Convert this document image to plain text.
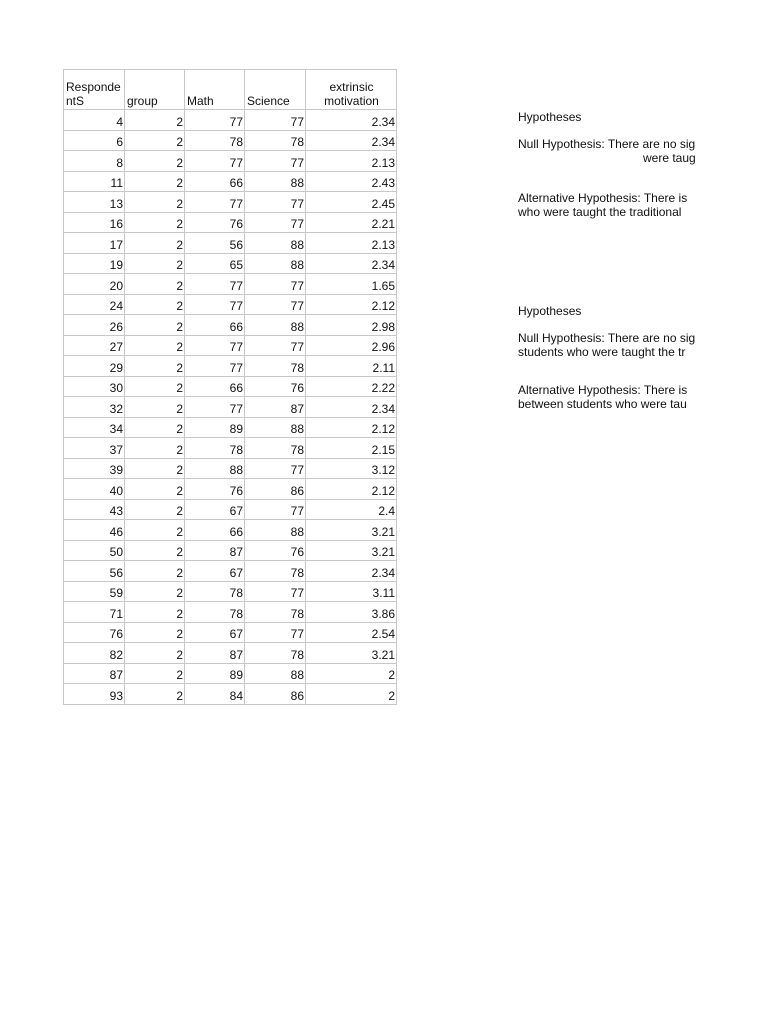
Responde
ntS	group	Math	Science	extrinsic
motivation

4	2	77	77	2.34
6	2	78	78	2.34
8	2	77	77	2.13
11	2	66	88	2.43
13	2	77	77	2.45
16	2	76	77	2.21
17	2	56	88	2.13
19	2	65	88	2.34
20	2	77	77	1.65
24	2	77	77	2.12
26	2	66	88	2.98
27	2	77	77	2.96
29	2	77	78	2.11
30	2	66	76	2.22
32	2	77	87	2.34
34	2	89	88	2.12
37	2	78	78	2.15
39	2	88	77	3.12
40	2	76	86	2.12
43	2	67	77	2.4
46	2	66	88	3.21
50	2	87	76	3.21
56	2	67	78	2.34
59	2	78	77	3.11
71	2	78	78	3.86
76	2	67	77	2.54
82	2	87	78	3.21
87	2	89	88	2
93	2	84	86	2
Hypotheses
Null Hypothesis: There are no sig
were taug
Alternative Hypothesis: There is
who were taught the traditional
Hypotheses
Null Hypothesis: There are no sig
students who were taught the tr
Alternative Hypothesis: There is
between students who were tau
